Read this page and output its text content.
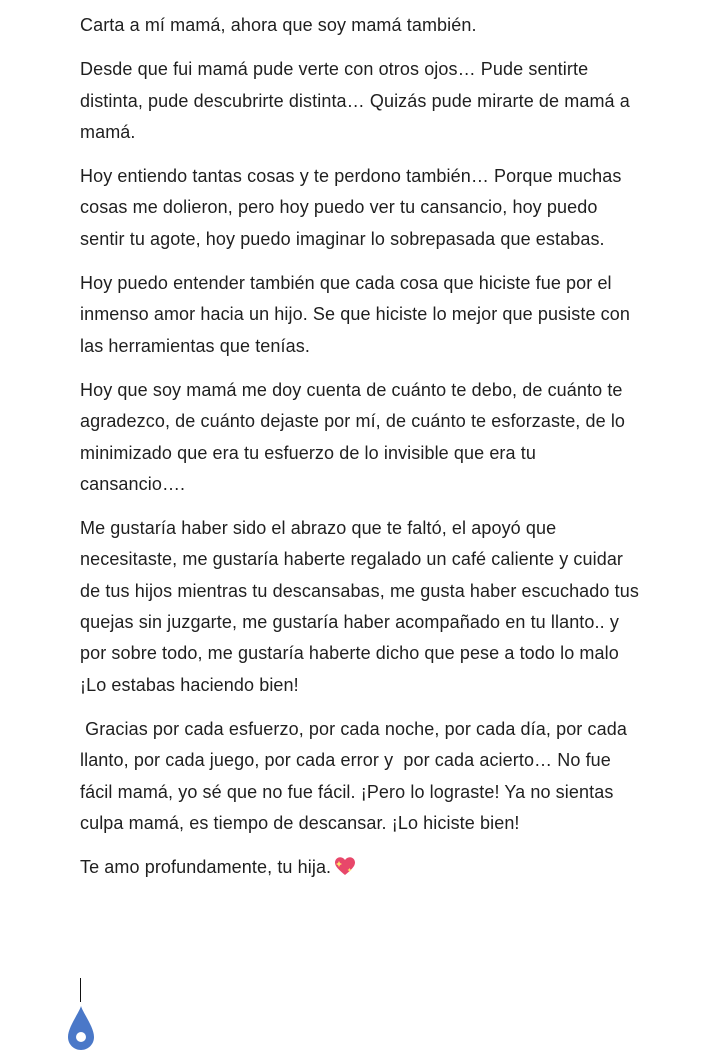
Carta a mí mamá, ahora que soy mamá también.

Desde que fui mamá pude verte con otros ojos… Pude sentirte distinta, pude descubrirte distinta… Quizás pude mirarte de mamá a mamá.

Hoy entiendo tantas cosas y te perdono también… Porque muchas cosas me dolieron, pero hoy puedo ver tu cansancio, hoy puedo sentir tu agote, hoy puedo imaginar lo sobrepasada que estabas.

Hoy puedo entender también que cada cosa que hiciste fue por el inmenso amor hacia un hijo. Se que hiciste lo mejor que pusiste con las herramientas que tenías.

Hoy que soy mamá me doy cuenta de cuánto te debo, de cuánto te agradezco, de cuánto dejaste por mí, de cuánto te esforzaste, de lo minimizado que era tu esfuerzo de lo invisible que era tu cansancio….

Me gustaría haber sido el abrazo que te faltó, el apoyó que necesitaste, me gustaría haberte regalado un café caliente y cuidar de tus hijos mientras tu descansabas, me gusta haber escuchado tus quejas sin juzgarte, me gustaría haber acompañado en tu llanto.. y por sobre todo, me gustaría haberte dicho que pese a todo lo malo ¡Lo estabas haciendo bien!

Gracias por cada esfuerzo, por cada noche, por cada día, por cada llanto, por cada juego, por cada error y  por cada acierto… No fue fácil mamá, yo sé que no fue fácil. ¡Pero lo lograste! Ya no sientas culpa mamá, es tiempo de descansar. ¡Lo hiciste bien!

Te amo profundamente, tu hija.
